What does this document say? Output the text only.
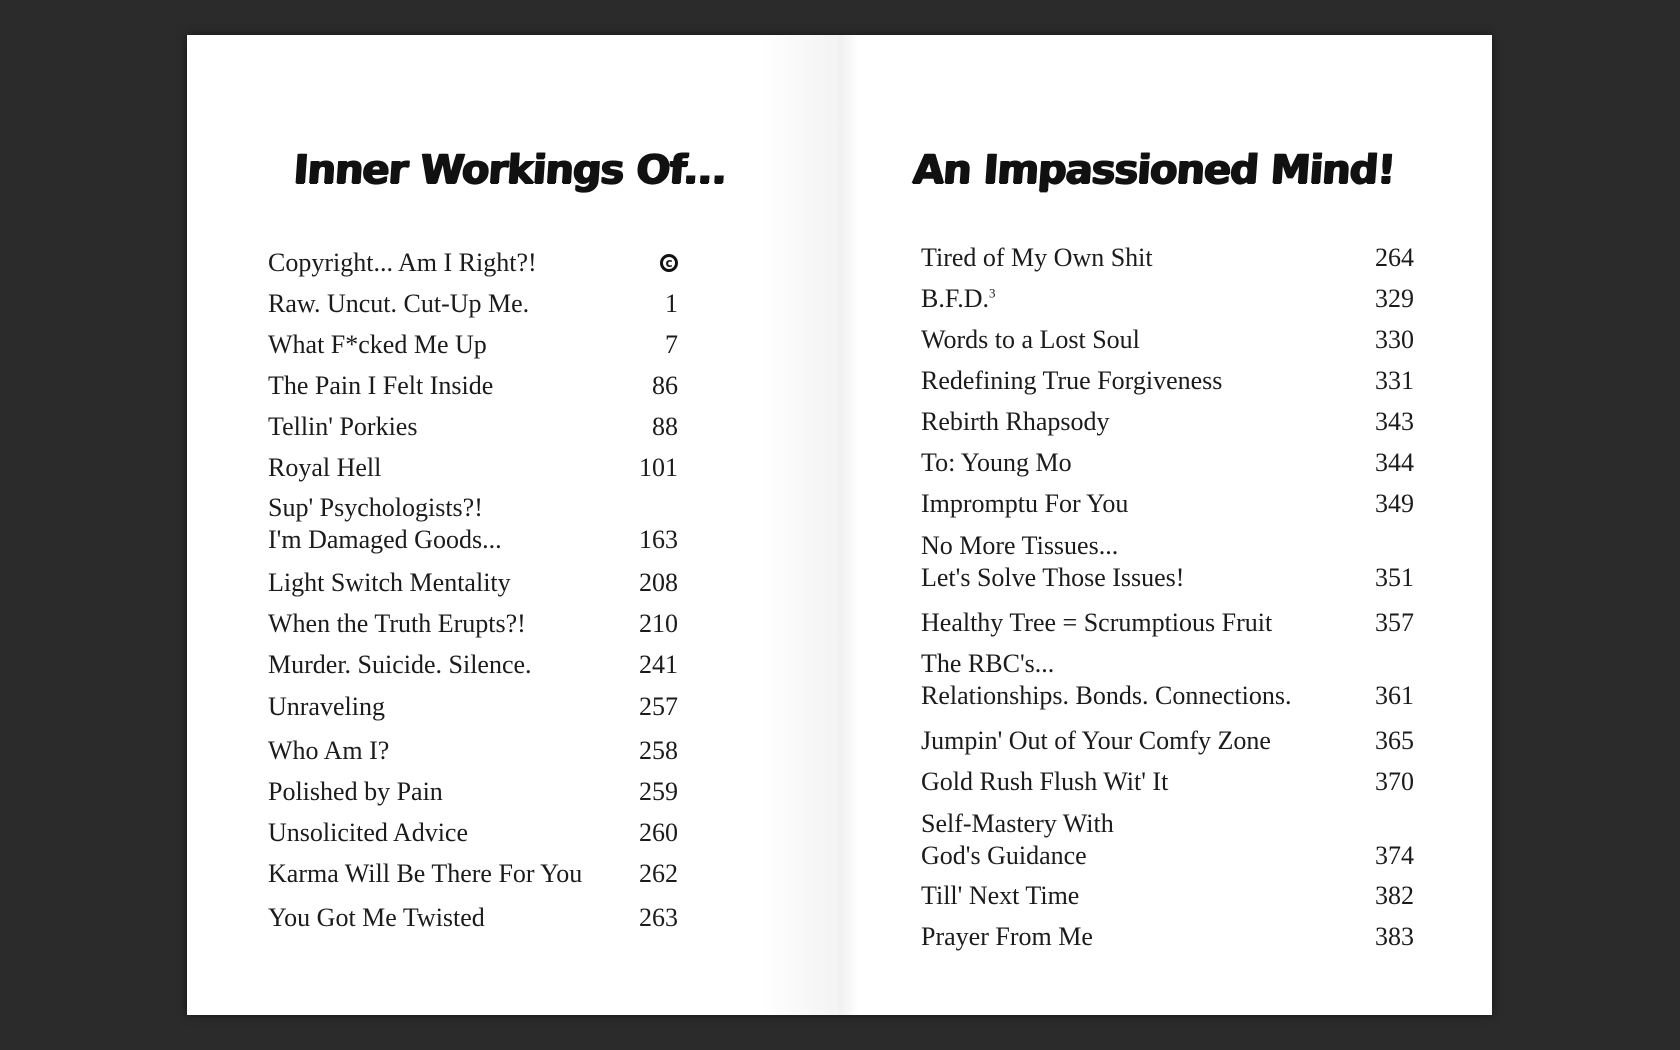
Inner Workings Of...
Copyright... Am I Right?!	c
Raw. Uncut. Cut-Up Me.	1
What F*cked Me Up	7
The Pain I Felt Inside	86
Tellin' Porkies	88
Royal Hell	101
Sup' Psychologists?!
I'm Damaged Goods...	163
Light Switch Mentality	208
When the Truth Erupts?!	210
Murder. Suicide. Silence.	241
Unraveling	257
Who Am I?	258
Polished by Pain	259
Unsolicited Advice	260
Karma Will Be There For You	262
You Got Me Twisted	263
An Impassioned Mind!
Tired of My Own Shit	264
B.F.D.$^3$	329
Words to a Lost Soul	330
Redefining True Forgiveness	331
Rebirth Rhapsody	343
To: Young Mo	344
Impromptu For You	349
No More Tissues...
Let's Solve Those Issues!	351
Healthy Tree = Scrumptious Fruit	357
The RBC's...
Relationships. Bonds. Connections.	361
Jumpin' Out of Your Comfy Zone	365
Gold Rush Flush Wit' It	370
Self-Mastery With
God's Guidance	374
Till' Next Time	382
Prayer From Me	383
